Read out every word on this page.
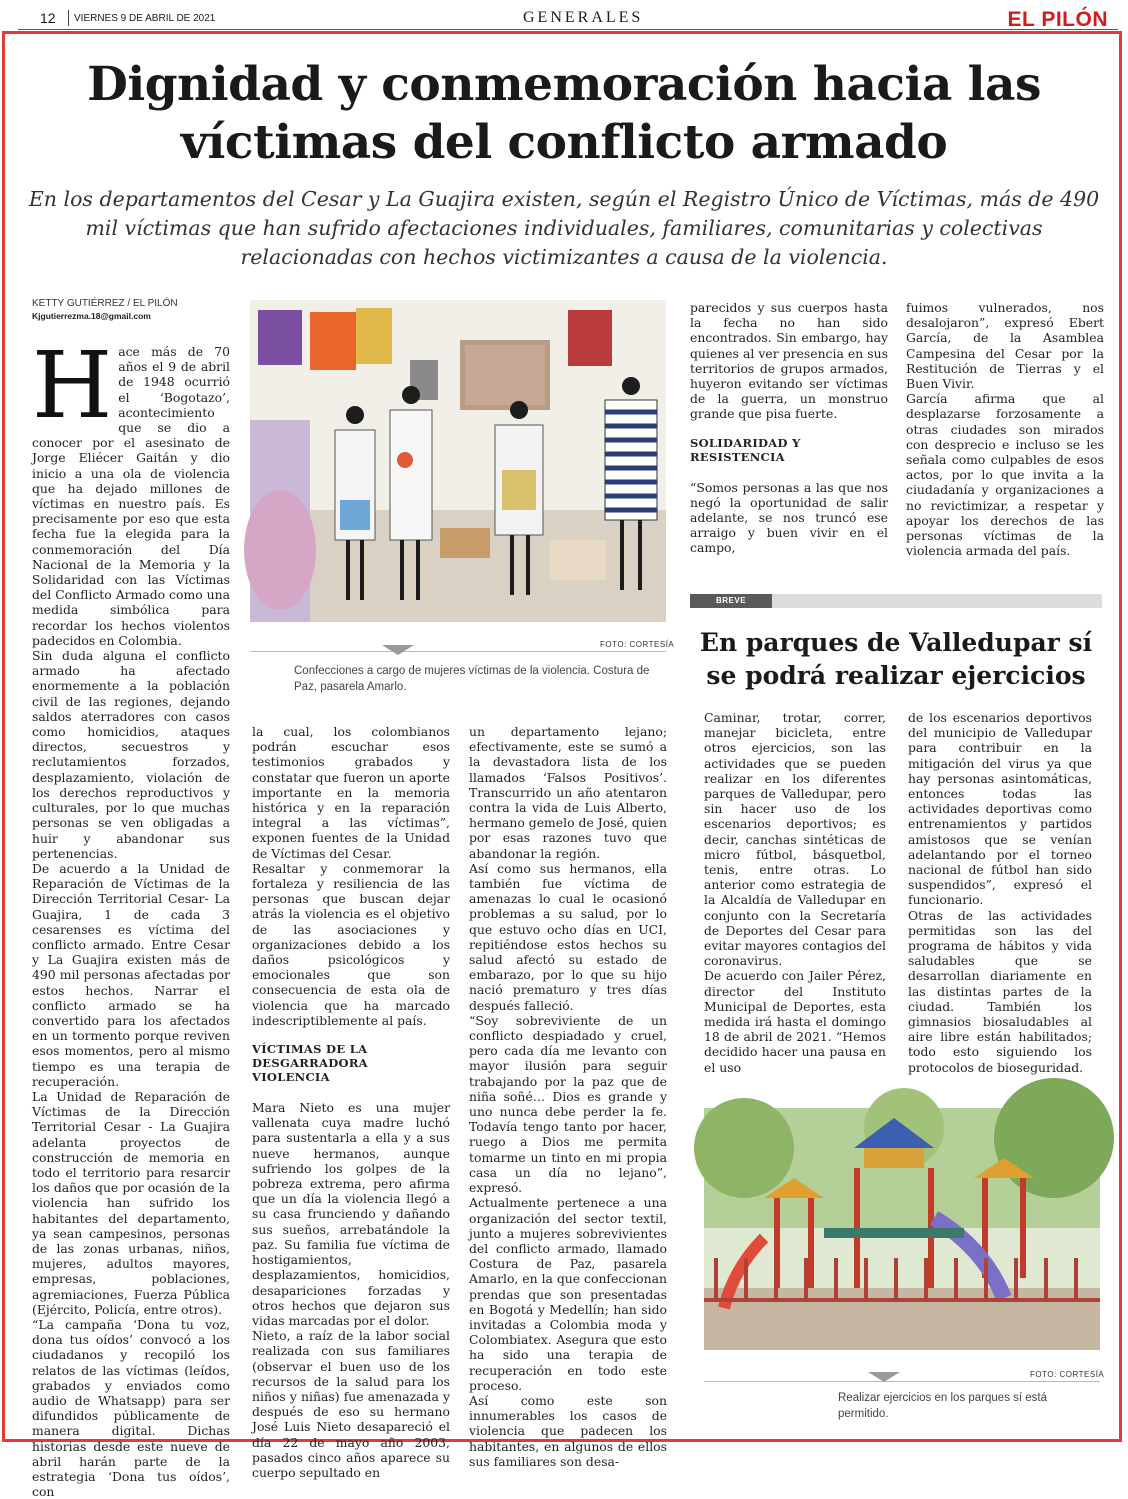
12 VIERNES 9 DE ABRIL DE 2021	GENERALES	EL PILÓN
Dignidad y conmemoración hacia las
víctimas del conflicto armado

En los departamentos del Cesar y La Guajira existen, según el Registro Único de Víctimas, más de 490 mil víctimas que han sufrido afectaciones individuales, familiares, comunitarias y colectivas relacionadas con hechos victimizantes a causa de la violencia.

KETTY GUTIÉRREZ / EL PILÓN
Kjgutierrezma.18@gmail.com

Hace más de 70 años el 9 de abril de 1948 ocurrió el ‘Bogotazo’, acontecimiento que se dio a conocer por el asesinato de Jorge Eliécer Gaitán y dio inicio a una ola de violencia que ha dejado millones de víctimas en nuestro país. Es precisamente por eso que esta fecha fue la elegida para la conmemoración del Día Nacional de la Memoria y la Solidaridad con las Víctimas del Conflicto Armado como una medida simbólica para recordar los hechos violentos padecidos en Colombia.

Sin duda alguna el conflicto armado ha afectado enormemente a la población civil de las regiones, dejando saldos aterradores con casos como homicidios, ataques directos, secuestros y reclutamientos forzados, desplazamiento, violación de los derechos reproductivos y culturales, por lo que muchas personas se ven obligadas a huir y abandonar sus pertenencias.

De acuerdo a la Unidad de Reparación de Víctimas de la Dirección Territorial Cesar- La Guajira, 1 de cada 3 cesarenses es víctima del conflicto armado. Entre Cesar y La Guajira existen más de 490 mil personas afectadas por estos hechos. Narrar el conflicto armado se ha convertido para los afectados en un tormento porque reviven esos momentos, pero al mismo tiempo es una terapia de recuperación.

La Unidad de Reparación de Víctimas de la Dirección Territorial Cesar - La Guajira adelanta proyectos de construcción de memoria en todo el territorio para resarcir los daños que por ocasión de la violencia han sufrido los habitantes del departamento, ya sean campesinos, personas de las zonas urbanas, niños, mujeres, adultos mayores, empresas, poblaciones, agremiaciones, Fuerza Pública (Ejército, Policía, entre otros).

“La campaña ‘Dona tu voz, dona tus oídos’ convocó a los ciudadanos y recopiló los relatos de las víctimas (leídos, grabados y enviados como audio de Whatsapp) para ser difundidos públicamente de manera digital. Dichas historias desde este nueve de abril harán parte de la estrategia ‘Dona tus oídos’, con

FOTO: CORTESÍA
Confecciones a cargo de mujeres víctimas de la violencia. Costura de Paz, pasarela Amarlo.

la cual, los colombianos podrán escuchar esos testimonios grabados y constatar que fueron un aporte importante en la memoria histórica y en la reparación integral a las víctimas”, exponen fuentes de la Unidad de Víctimas del Cesar.

Resaltar y conmemorar la fortaleza y resiliencia de las personas que buscan dejar atrás la violencia es el objetivo de las asociaciones y organizaciones debido a los daños psicológicos y emocionales que son consecuencia de esta ola de violencia que ha marcado indescriptiblemente al país.

VÍCTIMAS DE LA DESGARRADORA VIOLENCIA

Mara Nieto es una mujer vallenata cuya madre luchó para sustentarla a ella y a sus nueve hermanos, aunque sufriendo los golpes de la pobreza extrema, pero afirma que un día la violencia llegó a su casa frunciendo y dañando sus sueños, arrebatándole la paz. Su familia fue víctima de hostigamientos, desplazamientos, homicidios, desapariciones forzadas y otros hechos que dejaron sus vidas marcadas por el dolor.

Nieto, a raíz de la labor social realizada con sus familiares (observar el buen uso de los recursos de la salud para los niños y niñas) fue amenazada y después de eso su hermano José Luis Nieto desapareció el día 22 de mayo año 2003, pasados cinco años aparece su cuerpo sepultado en

un departamento lejano; efectivamente, este se sumó a la devastadora lista de los llamados ‘Falsos Positivos’. Transcurrido un año atentaron contra la vida de Luis Alberto, hermano gemelo de José, quien por esas razones tuvo que abandonar la región.

Así como sus hermanos, ella también fue víctima de amenazas lo cual le ocasionó problemas a su salud, por lo que estuvo ocho días en UCI, repitiéndose estos hechos su salud afectó su estado de embarazo, por lo que su hijo nació prematuro y tres días después falleció.

“Soy sobreviviente de un conflicto despiadado y cruel, pero cada día me levanto con mayor ilusión para seguir trabajando por la paz que de niña soñé… Dios es grande y uno nunca debe perder la fe. Todavía tengo tanto por hacer, ruego a Dios me permita tomarme un tinto en mi propia casa un día no lejano”, expresó.

Actualmente pertenece a una organización del sector textil, junto a mujeres sobrevivientes del conflicto armado, llamado Costura de Paz, pasarela Amarlo, en la que confeccionan prendas que son presentadas en Bogotá y Medellín; han sido invitadas a Colombia moda y Colombiatex. Asegura que esto ha sido una terapia de recuperación en todo este proceso.

Así como este son innumerables los casos de violencia que padecen los habitantes, en algunos de ellos sus familiares son desa-

parecidos y sus cuerpos hasta la fecha no han sido encontrados. Sin embargo, hay quienes al ver presencia en sus territorios de grupos armados, huyeron evitando ser víctimas de la guerra, un monstruo grande que pisa fuerte.

SOLIDARIDAD Y RESISTENCIA

“Somos personas a las que nos negó la oportunidad de salir adelante, se nos truncó ese arraigo y buen vivir en el campo,

fuimos vulnerados, nos desalojaron”, expresó Ebert García, de la Asamblea Campesina del Cesar por la Restitución de Tierras y el Buen Vivir.

García afirma que al desplazarse forzosamente a otras ciudades son mirados con desprecio e incluso se les señala como culpables de esos actos, por lo que invita a la ciudadanía y organizaciones a no revictimizar, a respetar y apoyar los derechos de las personas víctimas de la violencia armada del país.

BREVE
En parques de Valledupar sí se podrá realizar ejercicios

Caminar, trotar, correr, manejar bicicleta, entre otros ejercicios, son las actividades que se pueden realizar en los diferentes parques de Valledupar, pero sin hacer uso de los escenarios deportivos; es decir, canchas sintéticas de micro fútbol, básquetbol, tenis, entre otras. Lo anterior como estrategia de la Alcaldía de Valledupar en conjunto con la Secretaría de Deportes del Cesar para evitar mayores contagios del coronavirus.

De acuerdo con Jailer Pérez, director del Instituto Municipal de Deportes, esta medida irá hasta el domingo 18 de abril de 2021. “Hemos decidido hacer una pausa en el uso

de los escenarios deportivos del municipio de Valledupar para contribuir en la mitigación del virus ya que hay personas asintomáticas, entonces todas las actividades deportivas como entrenamientos y partidos amistosos que se venían adelantando por el torneo nacional de fútbol han sido suspendidos”, expresó el funcionario.

Otras de las actividades permitidas son las del programa de hábitos y vida saludables que se desarrollan diariamente en las distintas partes de la ciudad. También los gimnasios biosaludables al aire libre están habilitados; todo esto siguiendo los protocolos de bioseguridad.

FOTO: CORTESÍA
Realizar ejercicios en los parques sí está permitido.
